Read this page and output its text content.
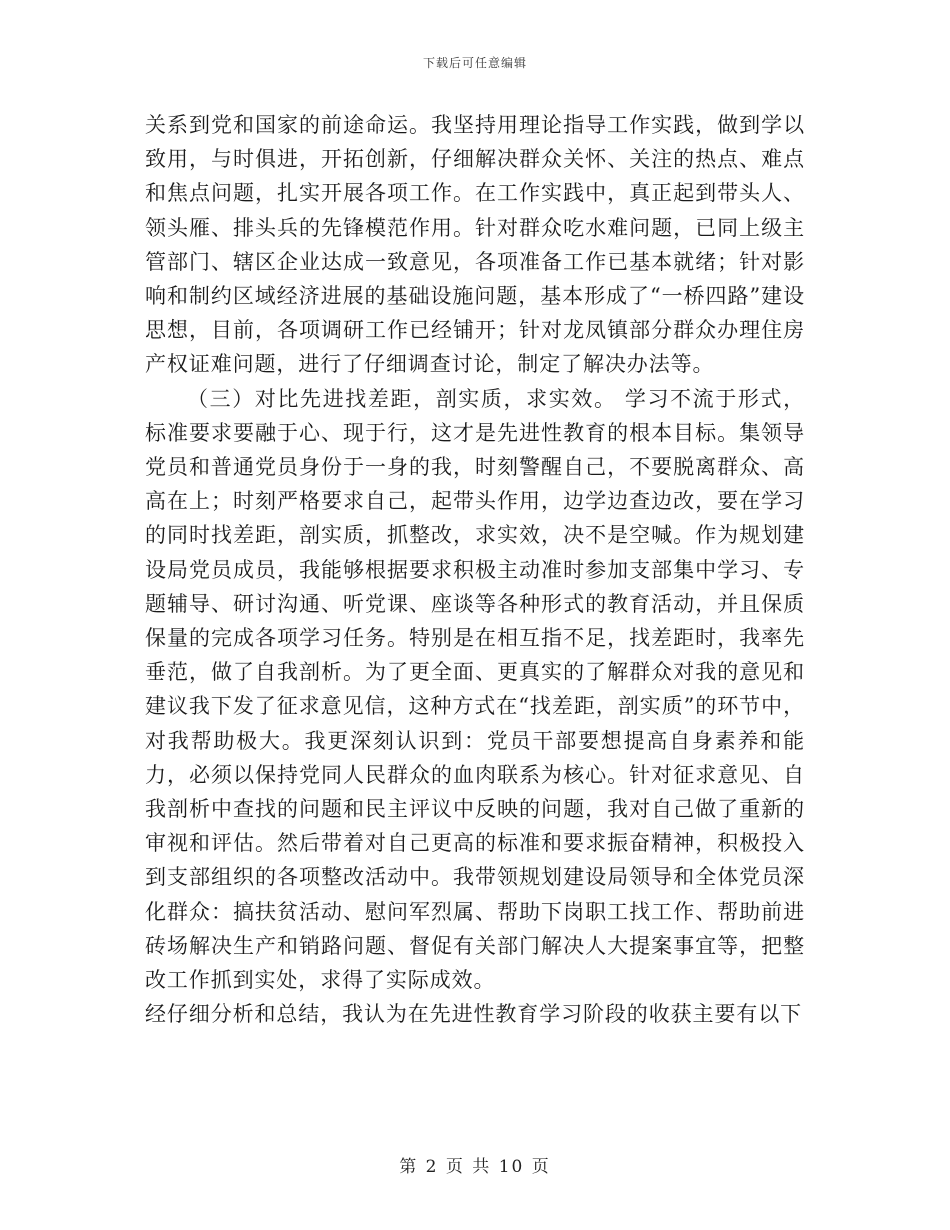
下载后可任意编辑

关系到党和国家的前途命运。我坚持用理论指导工作实践，做到学以致用，与时俱进，开拓创新，仔细解决群众关怀、关注的热点、难点和焦点问题，扎实开展各项工作。在工作实践中，真正起到带头人、领头雁、排头兵的先锋模范作用。针对群众吃水难问题，已同上级主管部门、辖区企业达成一致意见，各项准备工作已基本就绪；针对影响和制约区域经济进展的基础设施问题，基本形成了“一桥四路”建设思想，目前，各项调研工作已经铺开；针对龙凤镇部分群众办理住房产权证难问题，进行了仔细调查讨论，制定了解决办法等。

（三）对比先进找差距，剖实质，求实效。 学习不流于形式，标准要求要融于心、现于行，这才是先进性教育的根本目标。集领导党员和普通党员身份于一身的我，时刻警醒自己，不要脱离群众、高高在上；时刻严格要求自己，起带头作用，边学边查边改，要在学习的同时找差距，剖实质，抓整改，求实效，决不是空喊。作为规划建设局党员成员，我能够根据要求积极主动准时参加支部集中学习、专题辅导、研讨沟通、听党课、座谈等各种形式的教育活动，并且保质保量的完成各项学习任务。特别是在相互指不足，找差距时，我率先垂范，做了自我剖析。为了更全面、更真实的了解群众对我的意见和建议我下发了征求意见信，这种方式在“找差距，剖实质”的环节中，对我帮助极大。我更深刻认识到：党员干部要想提高自身素养和能力，必须以保持党同人民群众的血肉联系为核心。针对征求意见、自我剖析中查找的问题和民主评议中反映的问题，我对自己做了重新的审视和评估。然后带着对自己更高的标准和要求振奋精神，积极投入到支部组织的各项整改活动中。我带领规划建设局领导和全体党员深化群众：搞扶贫活动、慰问军烈属、帮助下岗职工找工作、帮助前进砖场解决生产和销路问题、督促有关部门解决人大提案事宜等，把整改工作抓到实处，求得了实际成效。

经仔细分析和总结，我认为在先进性教育学习阶段的收获主要有以下

第 2 页 共 10 页
